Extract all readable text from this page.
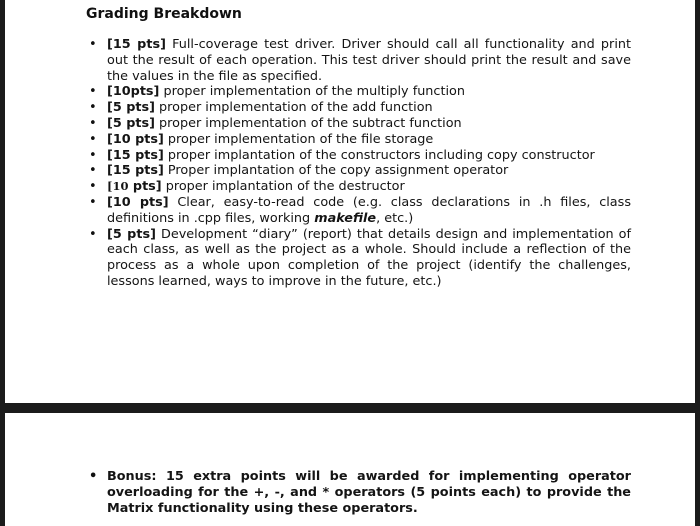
Grading Breakdown
• [15 pts] Full-coverage test driver. Driver should call all functionality and print out the result of each operation. This test driver should print the result and save the values in the file as specified.
• [10pts] proper implementation of the multiply function
• [5 pts] proper implementation of the add function
• [5 pts] proper implementation of the subtract function
• [10 pts] proper implementation of the file storage
• [15 pts] proper implantation of the constructors including copy constructor
• [15 pts] Proper implantation of the copy assignment operator
• [10 pts] proper implantation of the destructor
• [10 pts] Clear, easy-to-read code (e.g. class declarations in .h files, class definitions in .cpp files, working makefile, etc.)
• [5 pts] Development “diary” (report) that details design and implementation of each class, as well as the project as a whole. Should include a reflection of the process as a whole upon completion of the project (identify the challenges, lessons learned, ways to improve in the future, etc.)
• Bonus: 15 extra points will be awarded for implementing operator overloading for the +, -, and * operators (5 points each) to provide the Matrix functionality using these operators.
